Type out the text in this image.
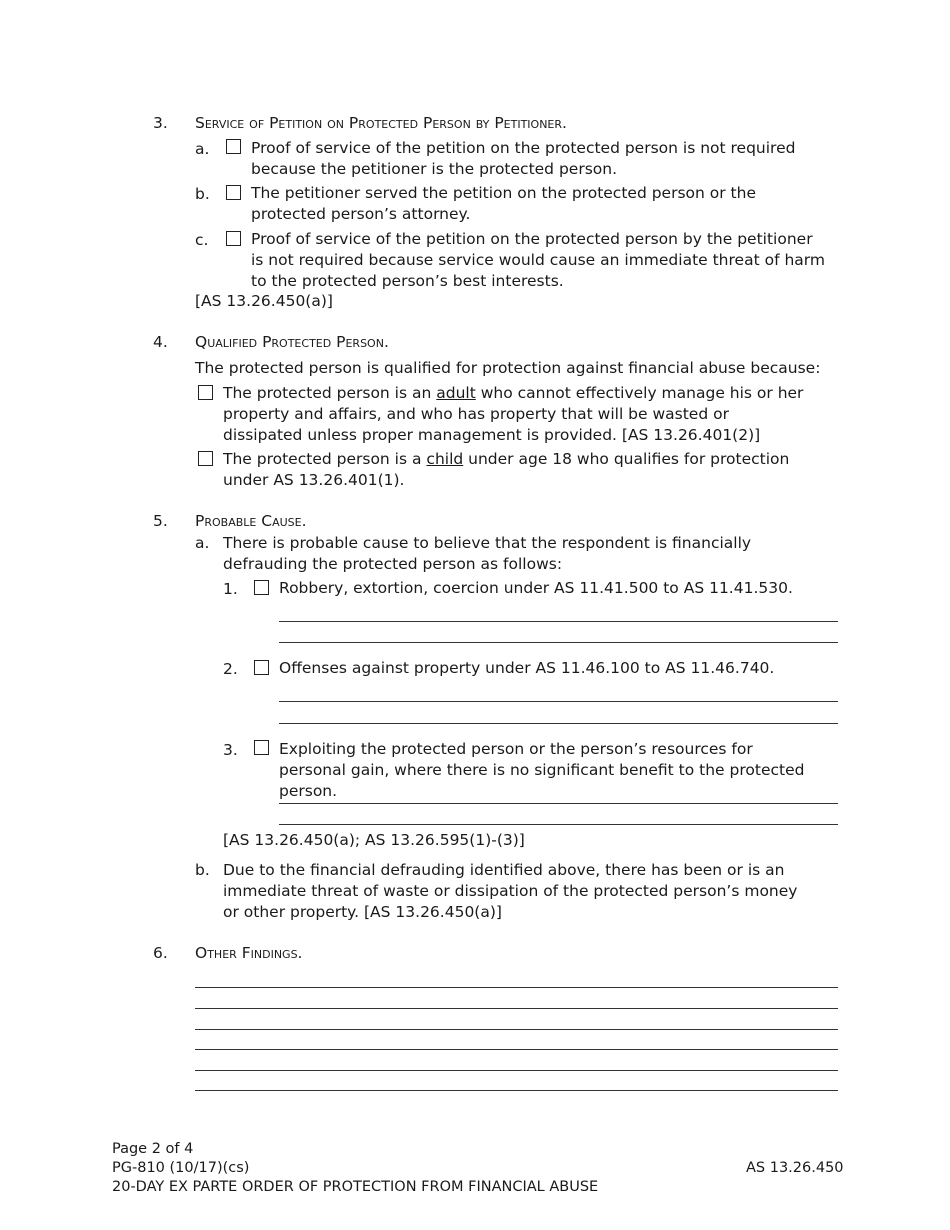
3. Service of Petition on Protected Person by Petitioner.
a.	Proof of service of the petition on the protected person is not required because the petitioner is the protected person.
b.	The petitioner served the petition on the protected person or the protected person’s attorney.
c.	Proof of service of the petition on the protected person by the petitioner is not required because service would cause an immediate threat of harm to the protected person’s best interests.
[AS 13.26.450(a)]
4. Qualified Protected Person.
The protected person is qualified for protection against financial abuse because:
The protected person is an adult who cannot effectively manage his or her property and affairs, and who has property that will be wasted or dissipated unless proper management is provided. [AS 13.26.401(2)]
The protected person is a child under age 18 who qualifies for protection under AS 13.26.401(1).
5. Probable Cause.
a. There is probable cause to believe that the respondent is financially defrauding the protected person as follows:
1.	Robbery, extortion, coercion under AS 11.41.500 to AS 11.41.530.
2.	Offenses against property under AS 11.46.100 to AS 11.46.740.
3.	Exploiting the protected person or the person’s resources for personal gain, where there is no significant benefit to the protected person.
[AS 13.26.450(a); AS 13.26.595(1)-(3)]
b. Due to the financial defrauding identified above, there has been or is an immediate threat of waste or dissipation of the protected person’s money or other property. [AS 13.26.450(a)]
6. Other Findings.
Page 2 of 4
PG-810 (10/17)(cs)
20-DAY EX PARTE ORDER OF PROTECTION FROM FINANCIAL ABUSE
AS 13.26.450
